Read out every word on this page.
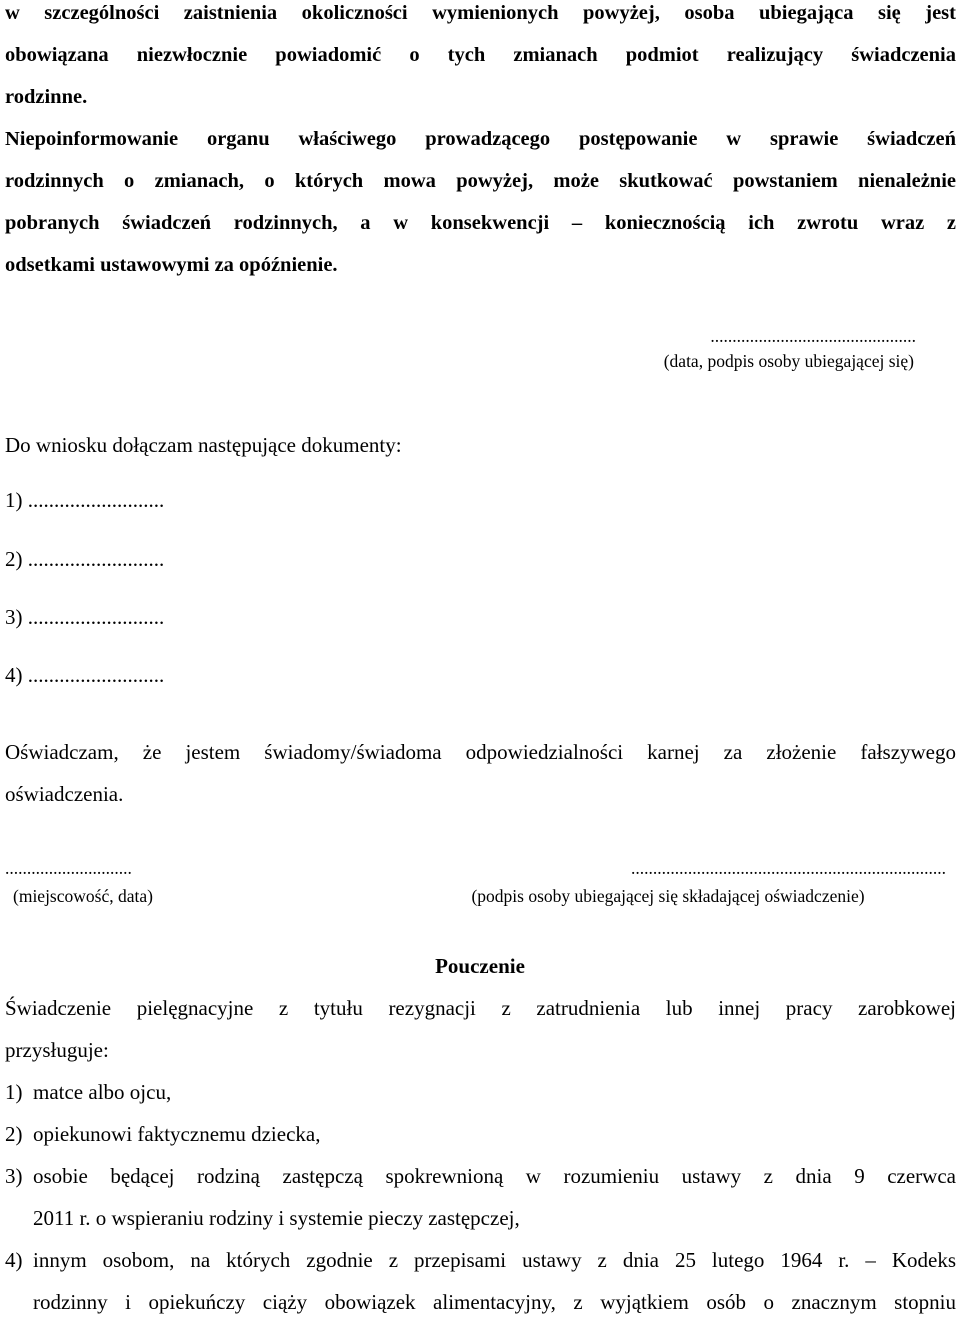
w szczególności zaistnienia okoliczności wymienionych powyżej, osoba ubiegająca się jest
obowiązana niezwłocznie powiadomić o tych zmianach podmiot realizujący świadczenia
rodzinne.
Niepoinformowanie organu właściwego prowadzącego postępowanie w sprawie świadczeń
rodzinnych o zmianach, o których mowa powyżej, może skutkować powstaniem nienależnie
pobranych świadczeń rodzinnych, a w konsekwencji – koniecznością ich zwrotu wraz z
odsetkami ustawowymi za opóźnienie.
...............................................
(data, podpis osoby ubiegającej się)
Do wniosku dołączam następujące dokumenty:
1) ..........................
2) ..........................
3) ..........................
4) ..........................
Oświadczam, że jestem świadomy/świadoma odpowiedzialności karnej za złożenie fałszywego
oświadczenia.
.............................
(miejscowość, data)
........................................................................
(podpis osoby ubiegającej się składającej oświadczenie)
Pouczenie
Świadczenie pielęgnacyjne z tytułu rezygnacji z zatrudnienia lub innej pracy zarobkowej
przysługuje:
1) matce albo ojcu,
2) opiekunowi faktycznemu dziecka,
3) osobie będącej rodziną zastępczą spokrewnioną w rozumieniu ustawy z dnia 9 czerwca
2011 r. o wspieraniu rodziny i systemie pieczy zastępczej,
4) innym osobom, na których zgodnie z przepisami ustawy z dnia 25 lutego 1964 r. – Kodeks
rodzinny i opiekuńczy ciąży obowiązek alimentacyjny, z wyjątkiem osób o znacznym stopniu
